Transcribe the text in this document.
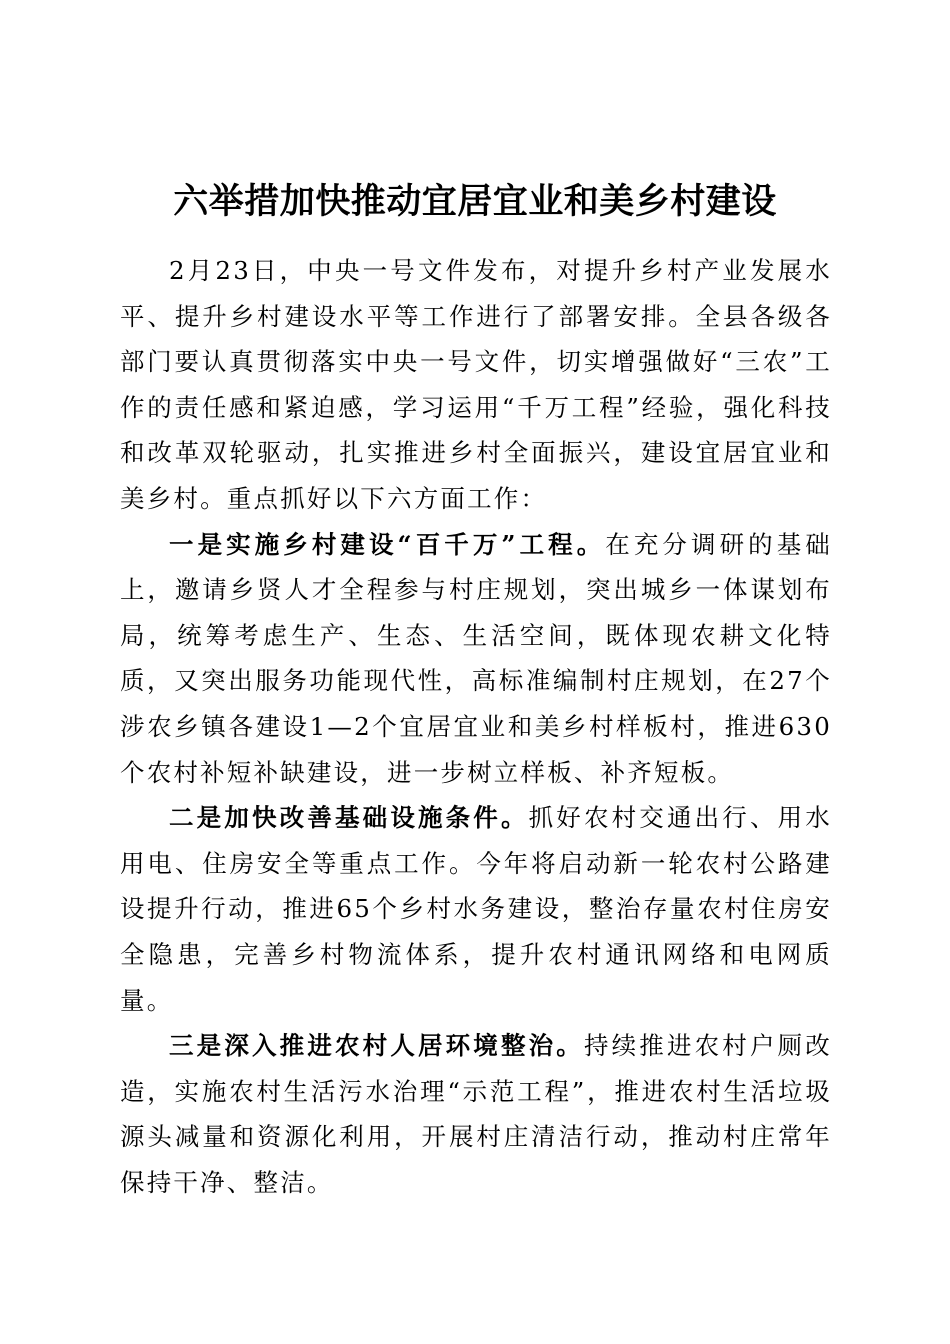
六举措加快推动宜居宜业和美乡村建设

2月23日，中央一号文件发布，对提升乡村产业发展水平、提升乡村建设水平等工作进行了部署安排。全县各级各部门要认真贯彻落实中央一号文件，切实增强做好“三农”工作的责任感和紧迫感，学习运用“千万工程”经验，强化科技和改革双轮驱动，扎实推进乡村全面振兴，建设宜居宜业和美乡村。重点抓好以下六方面工作：

一是实施乡村建设“百千万”工程。在充分调研的基础上，邀请乡贤人才全程参与村庄规划，突出城乡一体谋划布局，统筹考虑生产、生态、生活空间，既体现农耕文化特质，又突出服务功能现代性，高标准编制村庄规划，在27个涉农乡镇各建设1—2个宜居宜业和美乡村样板村，推进630个农村补短补缺建设，进一步树立样板、补齐短板。

二是加快改善基础设施条件。抓好农村交通出行、用水用电、住房安全等重点工作。今年将启动新一轮农村公路建设提升行动，推进65个乡村水务建设，整治存量农村住房安全隐患，完善乡村物流体系，提升农村通讯网络和电网质量。

三是深入推进农村人居环境整治。持续推进农村户厕改造，实施农村生活污水治理“示范工程”，推进农村生活垃圾源头减量和资源化利用，开展村庄清洁行动，推动村庄常年保持干净、整洁。
